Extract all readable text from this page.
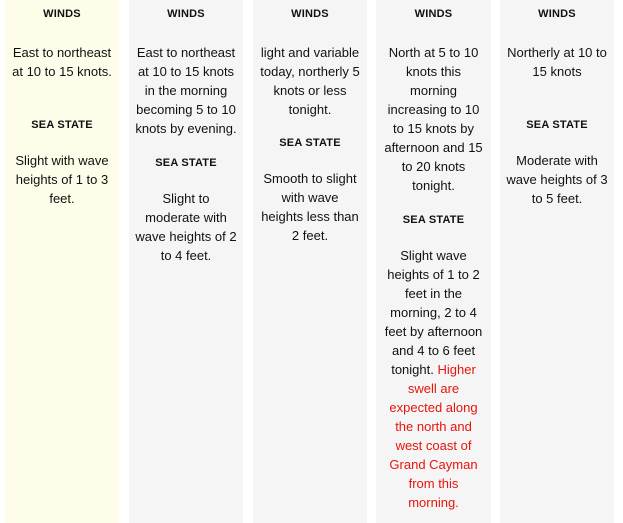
WINDS

East to northeast at 10 to 15 knots.

SEA STATE

Slight with wave heights of 1 to 3 feet.

WINDS

East to northeast at 10 to 15 knots in the morning becoming 5 to 10 knots by evening.

SEA STATE

Slight to moderate with wave heights of 2 to 4 feet.

WINDS

light and variable today, northerly 5 knots or less tonight.

SEA STATE

Smooth to slight with wave heights less than 2 feet.

WINDS

North at 5 to 10 knots this morning increasing to 10 to 15 knots by afternoon and 15 to 20 knots tonight.

SEA STATE

Slight wave heights of 1 to 2 feet in the morning, 2 to 4 feet by afternoon and 4 to 6 feet tonight. Higher swell are expected along the north and west coast of Grand Cayman from this morning.

WINDS

Northerly at 10 to 15 knots

SEA STATE

Moderate with wave heights of 3 to 5 feet.
